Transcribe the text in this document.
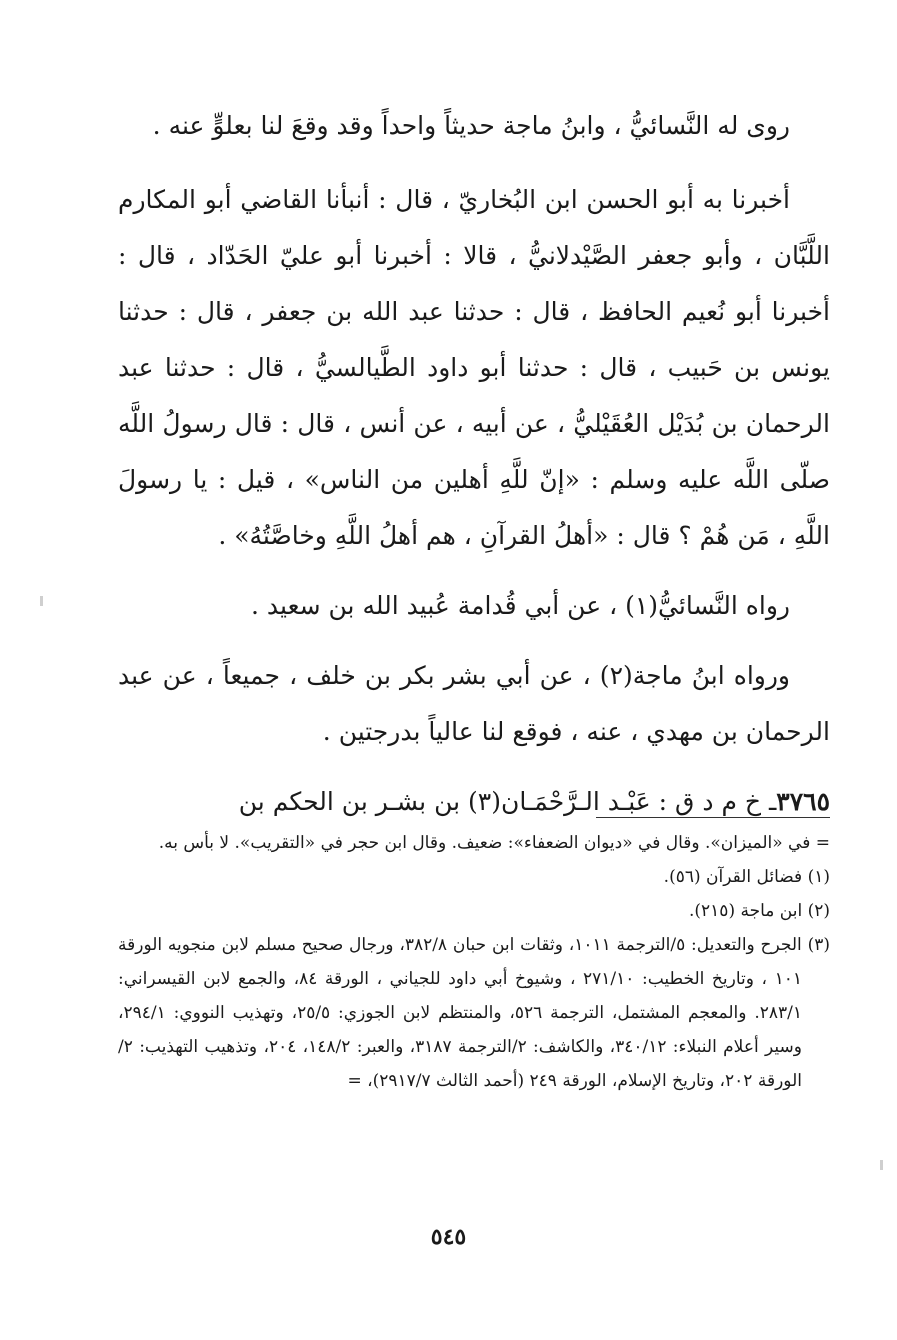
روى له النَّسائيُّ ، وابنُ ماجة حديثاً واحداً وقد وقعَ لنا بعلوٍّ عنه .

أخبرنا به أبو الحسن ابن البُخاريّ ، قال : أنبأنا القاضي أبو المكارم اللَّبَّان ، وأبو جعفر الصَّيْدلانيُّ ، قالا : أخبرنا أبو عليّ الحَدّاد ، قال : أخبرنا أبو نُعيم الحافظ ، قال : حدثنا عبد الله بن جعفر ، قال : حدثنا يونس بن حَبيب ، قال : حدثنا أبو داود الطَّيالسيُّ ، قال : حدثنا عبد الرحمان بن بُدَيْل العُقَيْليُّ ، عن أبيه ، عن أنس ، قال : قال رسولُ اللَّه صلّى اللَّه عليه وسلم : «إنّ للَّهِ أهلين من الناس» ، قيل : يا رسولَ اللَّهِ ، مَن هُمْ ؟ قال : «أهلُ القرآنِ ، هم أهلُ اللَّهِ وخاصَّتُهُ» .

رواه النَّسائيُّ(١) ، عن أبي قُدامة عُبيد الله بن سعيد .

ورواه ابنُ ماجة(٢) ، عن أبي بشر بكر بن خلف ، جميعاً ، عن عبد الرحمان بن مهدي ، عنه ، فوقع لنا عالياً بدرجتين .

٣٧٦٥ـ خ م د ق : عَبْـد الـرَّحْمَـان(٣) بن بشـر بن الحكم بن

= في «الميزان». وقال في «ديوان الضعفاء»: ضعيف. وقال ابن حجر في «التقريب». لا بأس به.

(١) فضائل القرآن (٥٦).

(٢) ابن ماجة (٢١٥).

(٣) الجرح والتعديل: ٥/الترجمة ١٠١١، وثقات ابن حبان ٣٨٢/٨، ورجال صحيح مسلم لابن منجويه الورقة ١٠١ ، وتاريخ الخطيب: ٢٧١/١٠ ، وشيوخ أبي داود للجياني ، الورقة ٨٤، والجمع لابن القيسراني: ٢٨٣/١. والمعجم المشتمل، الترجمة ٥٢٦، والمنتظم لابن الجوزي: ٢٥/٥، وتهذيب النووي: ٢٩٤/١، وسير أعلام النبلاء: ٣٤٠/١٢، والكاشف: ٢/الترجمة ٣١٨٧، والعبر: ١٤٨/٢، ٢٠٤، وتذهيب التهذيب: ٢/الورقة ٢٠٢، وتاريخ الإسلام، الورقة ٢٤٩ (أحمد الثالث ٢٩١٧/٧)، =

٥٤٥
